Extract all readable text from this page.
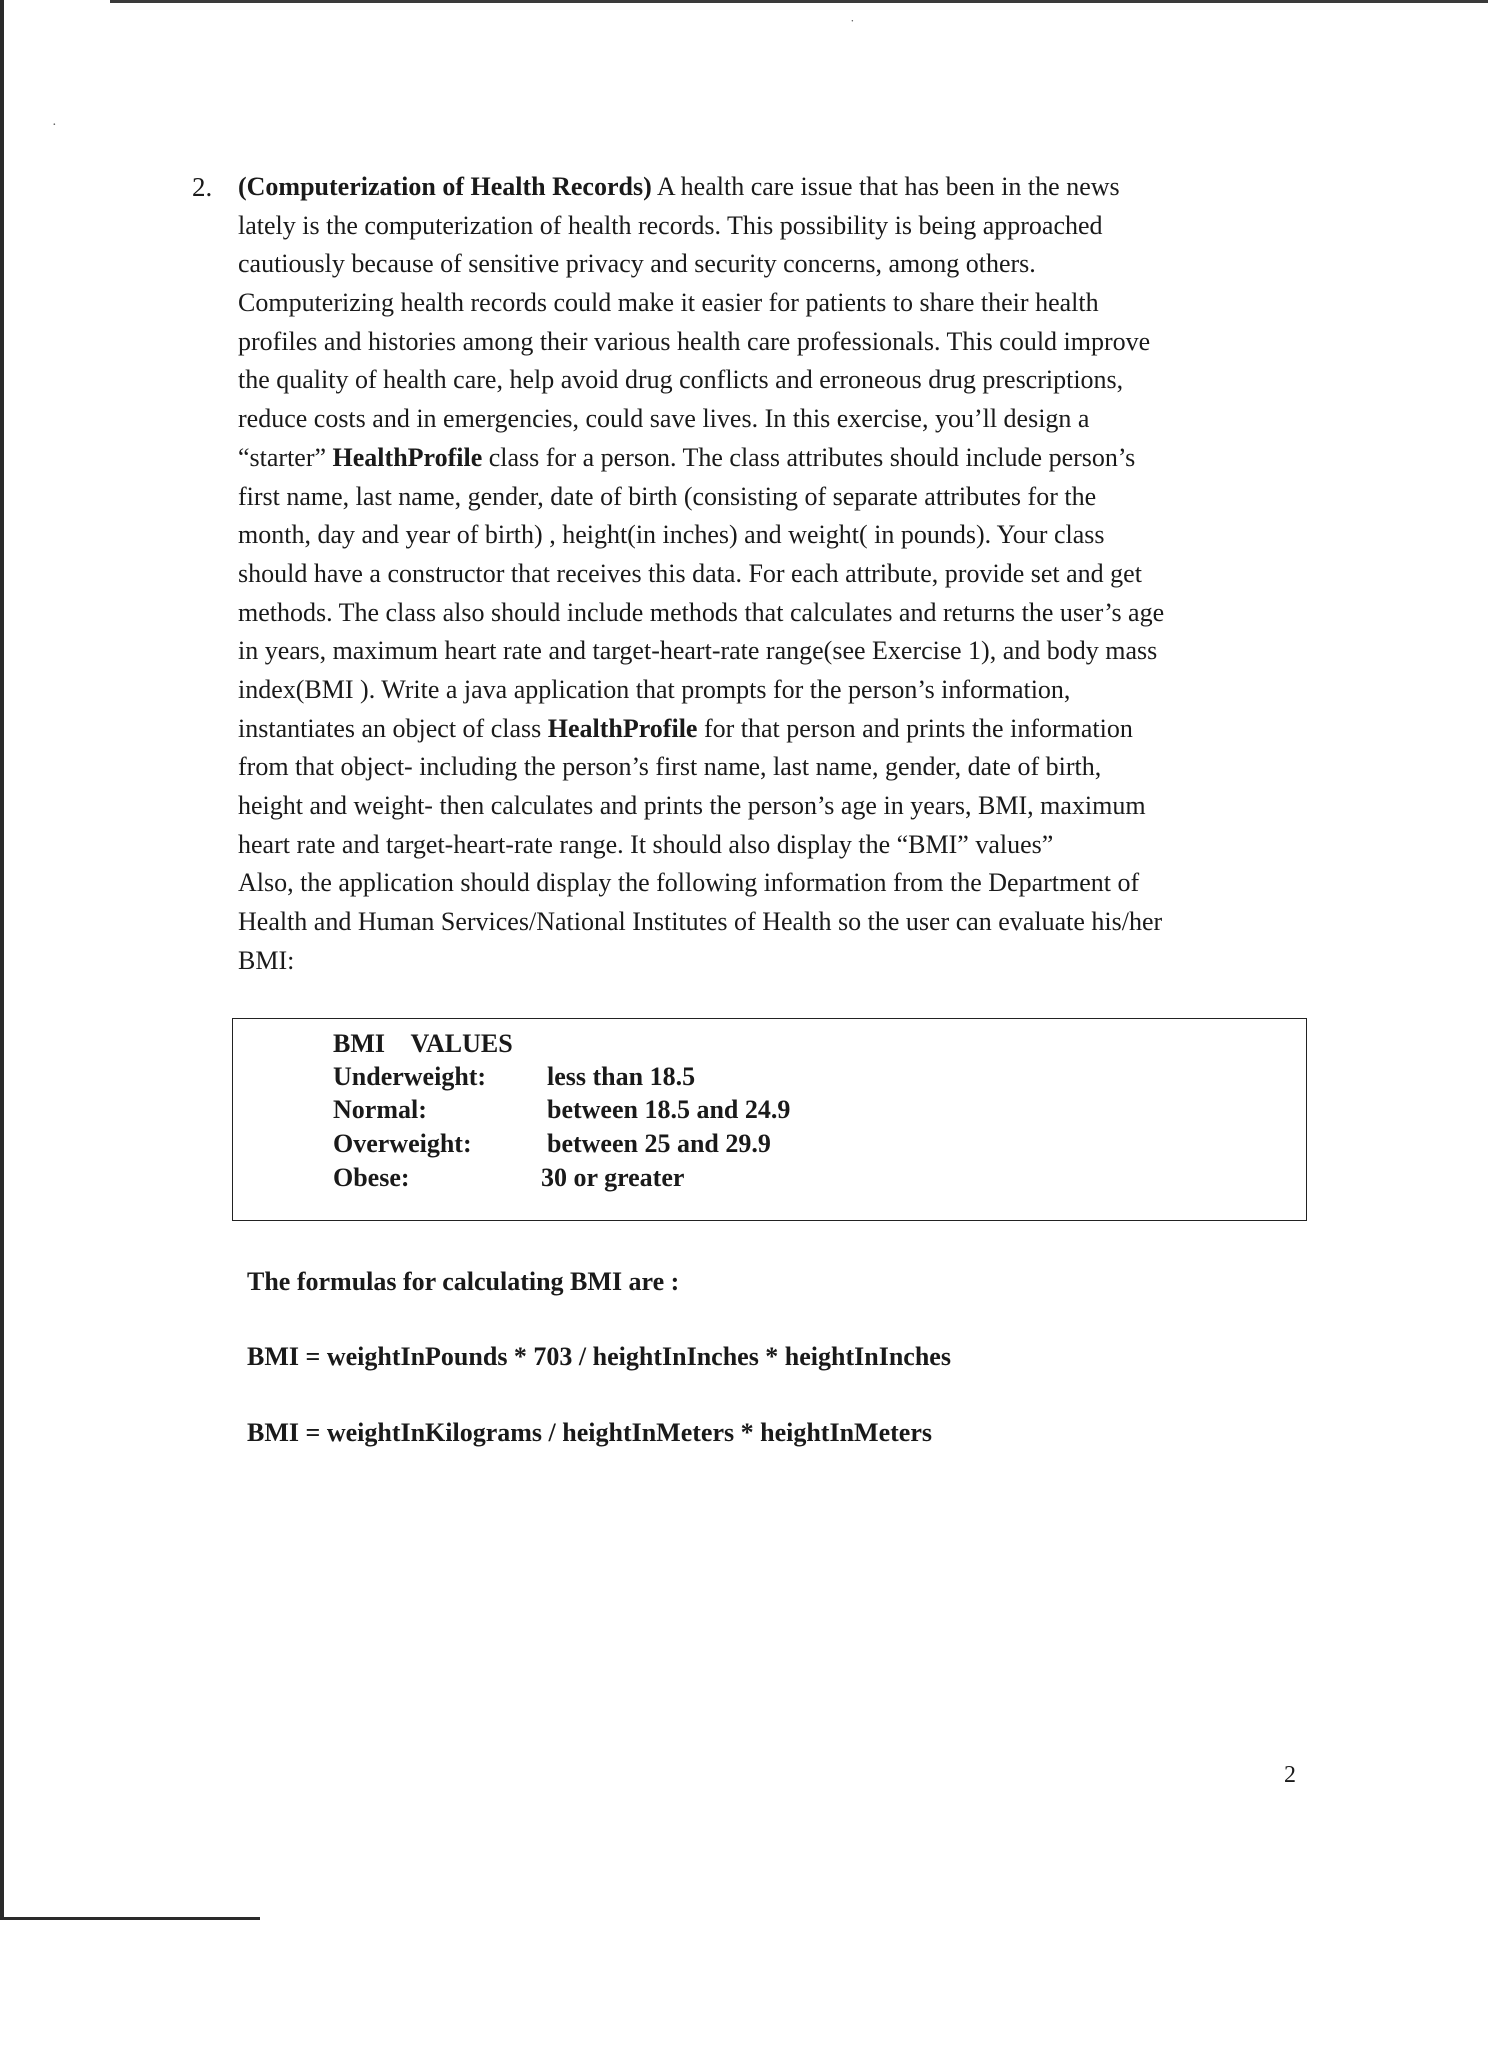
˙
·
2. (Computerization of Health Records) A health care issue that has been in the news
lately is the computerization of health records. This possibility is being approached
cautiously because of sensitive privacy and security concerns, among others.
Computerizing health records could make it easier for patients to share their health
profiles and histories among their various health care professionals. This could improve
the quality of health care, help avoid drug conflicts and erroneous drug prescriptions,
reduce costs and in emergencies, could save lives. In this exercise, you’ll design a
“starter” HealthProfile class for a person. The class attributes should include person’s
first name, last name, gender, date of birth (consisting of separate attributes for the
month, day and year of birth) , height(in inches) and weight( in pounds). Your class
should have a constructor that receives this data. For each attribute, provide set and get
methods. The class also should include methods that calculates and returns the user’s age
in years, maximum heart rate and target-heart-rate range(see Exercise 1), and body mass
index(BMI ). Write a java application that prompts for the person’s information,
instantiates an object of class HealthProfile for that person and prints the information
from that object- including the person’s first name, last name, gender, date of birth,
height and weight- then calculates and prints the person’s age in years, BMI, maximum
heart rate and target-heart-rate range. It should also display the “BMI” values”
Also, the application should display the following information from the Department of
Health and Human Services/National Institutes of Health so the user can evaluate his/her
BMI:
BMI    VALUES
Underweight: less than 18.5
Normal:	between 18.5 and 24.9
Overweight:	between 25 and 29.9
Obese:	30 or greater
The formulas for calculating BMI are :
BMI = weightInPounds * 703 / heightInInches * heightInInches
BMI = weightInKilograms / heightInMeters * heightInMeters
2
